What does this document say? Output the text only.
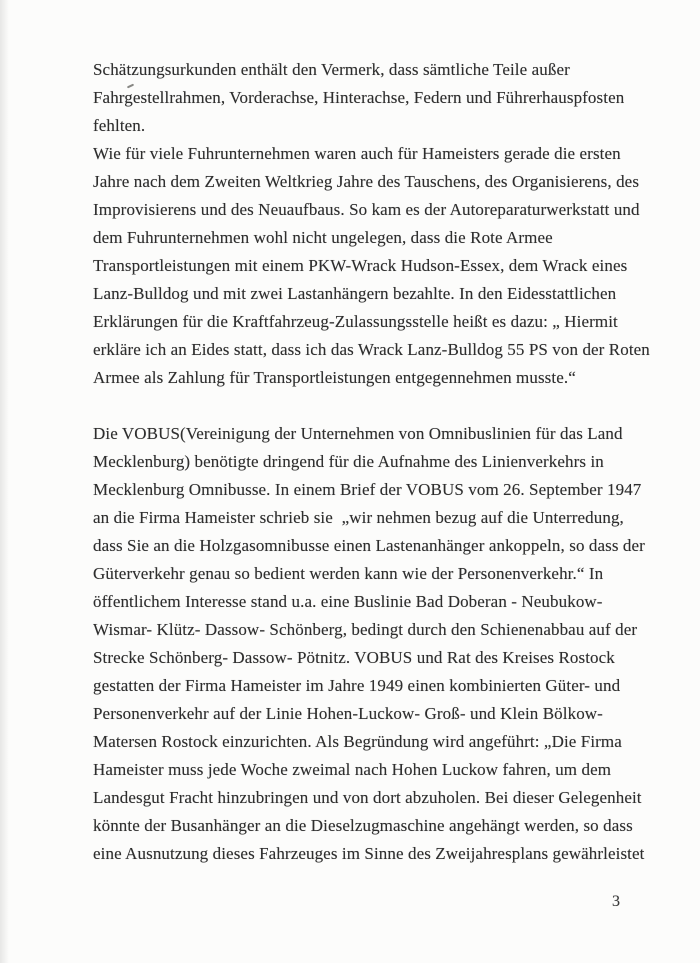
Schätzungsurkunden enthält den Vermerk, dass sämtliche Teile außer

Fahrgestellrahmen, Vorderachse, Hinterachse, Federn und Führerhauspfosten

fehlten.

Wie für viele Fuhrunternehmen waren auch für Hameisters gerade die ersten

Jahre nach dem Zweiten Weltkrieg Jahre des Tauschens, des Organisierens, des

Improvisierens und des Neuaufbaus. So kam es der Autoreparaturwerkstatt und

dem Fuhrunternehmen wohl nicht ungelegen, dass die Rote Armee

Transportleistungen mit einem PKW-Wrack Hudson-Essex, dem Wrack eines

Lanz-Bulldog und mit zwei Lastanhängern bezahlte. In den Eidesstattlichen

Erklärungen für die Kraftfahrzeug-Zulassungsstelle heißt es dazu: „ Hiermit

erkläre ich an Eides statt, dass ich das Wrack Lanz-Bulldog 55 PS von der Roten

Armee als Zahlung für Transportleistungen entgegennehmen musste.“

Die VOBUS(Vereinigung der Unternehmen von Omnibuslinien für das Land

Mecklenburg) benötigte dringend für die Aufnahme des Linienverkehrs in

Mecklenburg Omnibusse. In einem Brief der VOBUS vom 26. September 1947

an die Firma Hameister schrieb sie  „wir nehmen bezug auf die Unterredung,

dass Sie an die Holzgasomnibusse einen Lastenanhänger ankoppeln, so dass der

Güterverkehr genau so bedient werden kann wie der Personenverkehr.“ In

öffentlichem Interesse stand u.a. eine Buslinie Bad Doberan - Neubukow-

Wismar- Klütz- Dassow- Schönberg, bedingt durch den Schienenabbau auf der

Strecke Schönberg- Dassow- Pötnitz. VOBUS und Rat des Kreises Rostock

gestatten der Firma Hameister im Jahre 1949 einen kombinierten Güter- und

Personenverkehr auf der Linie Hohen-Luckow- Groß- und Klein Bölkow-

Matersen Rostock einzurichten. Als Begründung wird angeführt: „Die Firma

Hameister muss jede Woche zweimal nach Hohen Luckow fahren, um dem

Landesgut Fracht hinzubringen und von dort abzuholen. Bei dieser Gelegenheit

könnte der Busanhänger an die Dieselzugmaschine angehängt werden, so dass

eine Ausnutzung dieses Fahrzeuges im Sinne des Zweijahresplans gewährleistet

3
